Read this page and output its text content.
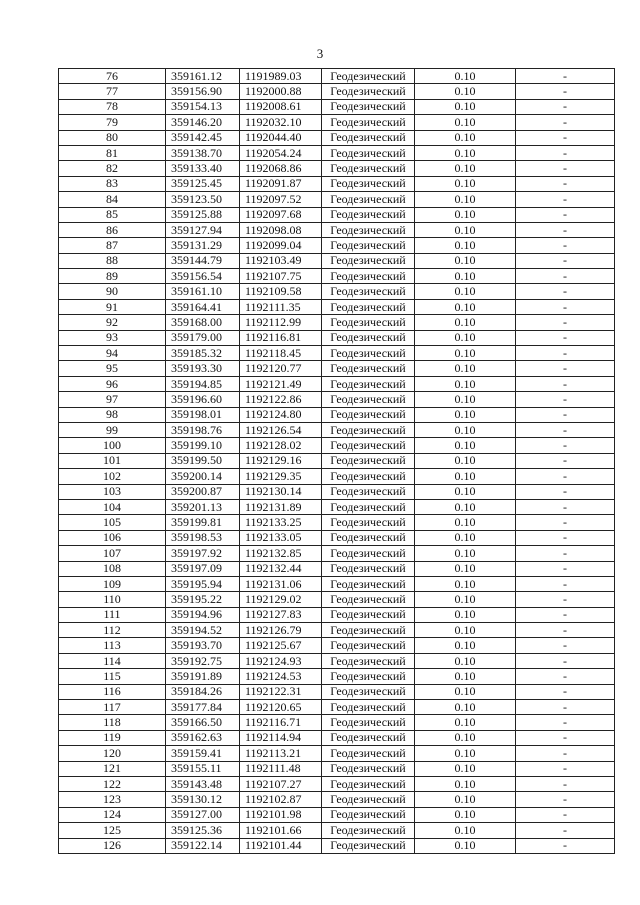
3
76	359161.12	1191989.03	Геодезический	0.10	-
77	359156.90	1192000.88	Геодезический	0.10	-
78	359154.13	1192008.61	Геодезический	0.10	-
79	359146.20	1192032.10	Геодезический	0.10	-
80	359142.45	1192044.40	Геодезический	0.10	-
81	359138.70	1192054.24	Геодезический	0.10	-
82	359133.40	1192068.86	Геодезический	0.10	-
83	359125.45	1192091.87	Геодезический	0.10	-
84	359123.50	1192097.52	Геодезический	0.10	-
85	359125.88	1192097.68	Геодезический	0.10	-
86	359127.94	1192098.08	Геодезический	0.10	-
87	359131.29	1192099.04	Геодезический	0.10	-
88	359144.79	1192103.49	Геодезический	0.10	-
89	359156.54	1192107.75	Геодезический	0.10	-
90	359161.10	1192109.58	Геодезический	0.10	-
91	359164.41	1192111.35	Геодезический	0.10	-
92	359168.00	1192112.99	Геодезический	0.10	-
93	359179.00	1192116.81	Геодезический	0.10	-
94	359185.32	1192118.45	Геодезический	0.10	-
95	359193.30	1192120.77	Геодезический	0.10	-
96	359194.85	1192121.49	Геодезический	0.10	-
97	359196.60	1192122.86	Геодезический	0.10	-
98	359198.01	1192124.80	Геодезический	0.10	-
99	359198.76	1192126.54	Геодезический	0.10	-
100	359199.10	1192128.02	Геодезический	0.10	-
101	359199.50	1192129.16	Геодезический	0.10	-
102	359200.14	1192129.35	Геодезический	0.10	-
103	359200.87	1192130.14	Геодезический	0.10	-
104	359201.13	1192131.89	Геодезический	0.10	-
105	359199.81	1192133.25	Геодезический	0.10	-
106	359198.53	1192133.05	Геодезический	0.10	-
107	359197.92	1192132.85	Геодезический	0.10	-
108	359197.09	1192132.44	Геодезический	0.10	-
109	359195.94	1192131.06	Геодезический	0.10	-
110	359195.22	1192129.02	Геодезический	0.10	-
111	359194.96	1192127.83	Геодезический	0.10	-
112	359194.52	1192126.79	Геодезический	0.10	-
113	359193.70	1192125.67	Геодезический	0.10	-
114	359192.75	1192124.93	Геодезический	0.10	-
115	359191.89	1192124.53	Геодезический	0.10	-
116	359184.26	1192122.31	Геодезический	0.10	-
117	359177.84	1192120.65	Геодезический	0.10	-
118	359166.50	1192116.71	Геодезический	0.10	-
119	359162.63	1192114.94	Геодезический	0.10	-
120	359159.41	1192113.21	Геодезический	0.10	-
121	359155.11	1192111.48	Геодезический	0.10	-
122	359143.48	1192107.27	Геодезический	0.10	-
123	359130.12	1192102.87	Геодезический	0.10	-
124	359127.00	1192101.98	Геодезический	0.10	-
125	359125.36	1192101.66	Геодезический	0.10	-
126	359122.14	1192101.44	Геодезический	0.10	-
